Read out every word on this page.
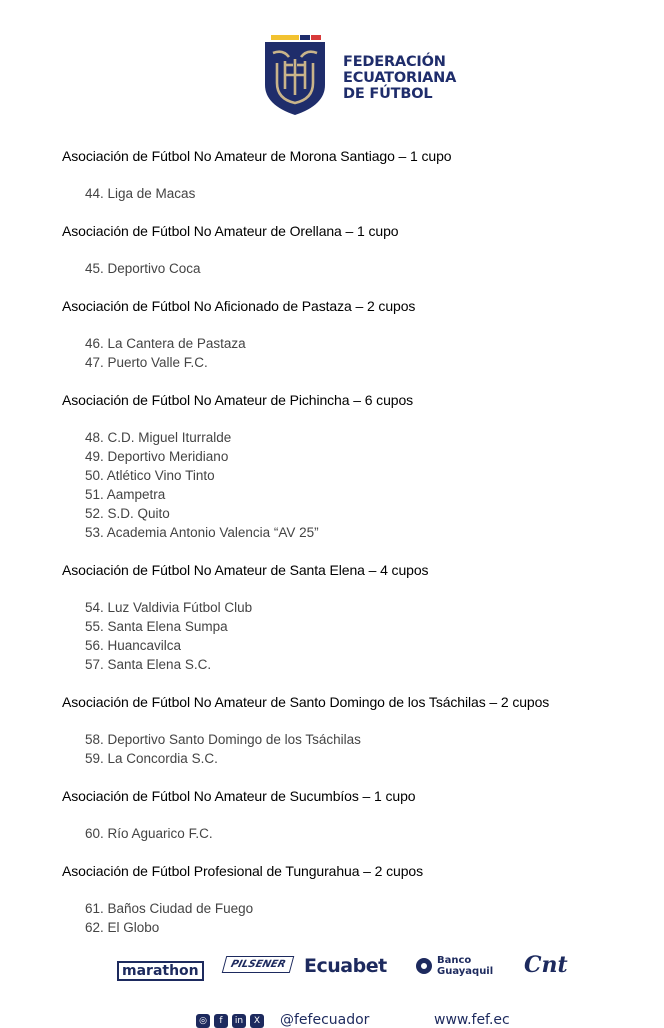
FEDERACIÓN
ECUATORIANA
DE FÚTBOL
Asociación de Fútbol No Amateur de Morona Santiago – 1 cupo
44. Liga de Macas
Asociación de Fútbol No Amateur de Orellana – 1 cupo
45. Deportivo Coca
Asociación de Fútbol No Aficionado de Pastaza – 2 cupos
46. La Cantera de Pastaza
47. Puerto Valle F.C.
Asociación de Fútbol No Amateur de Pichincha – 6 cupos
48. C.D. Miguel Iturralde
49. Deportivo Meridiano
50. Atlético Vino Tinto
51. Aampetra
52. S.D. Quito
53. Academia Antonio Valencia “AV 25”
Asociación de Fútbol No Amateur de Santa Elena – 4 cupos
54. Luz Valdivia Fútbol Club
55. Santa Elena Sumpa
56. Huancavilca
57. Santa Elena S.C.
Asociación de Fútbol No Amateur de Santo Domingo de los Tsáchilas – 2 cupos
58. Deportivo Santo Domingo de los Tsáchilas
59. La Concordia S.C.
Asociación de Fútbol No Amateur de Sucumbíos – 1 cupo
60. Río Aguarico F.C.
Asociación de Fútbol Profesional de Tungurahua – 2 cupos
61. Baños Ciudad de Fuego
62. El Globo
marathon	PILSENER Ecuabet	Banco
Guayaquil Cnt
◎	f	in	X @fefecuador	www.fef.ec
